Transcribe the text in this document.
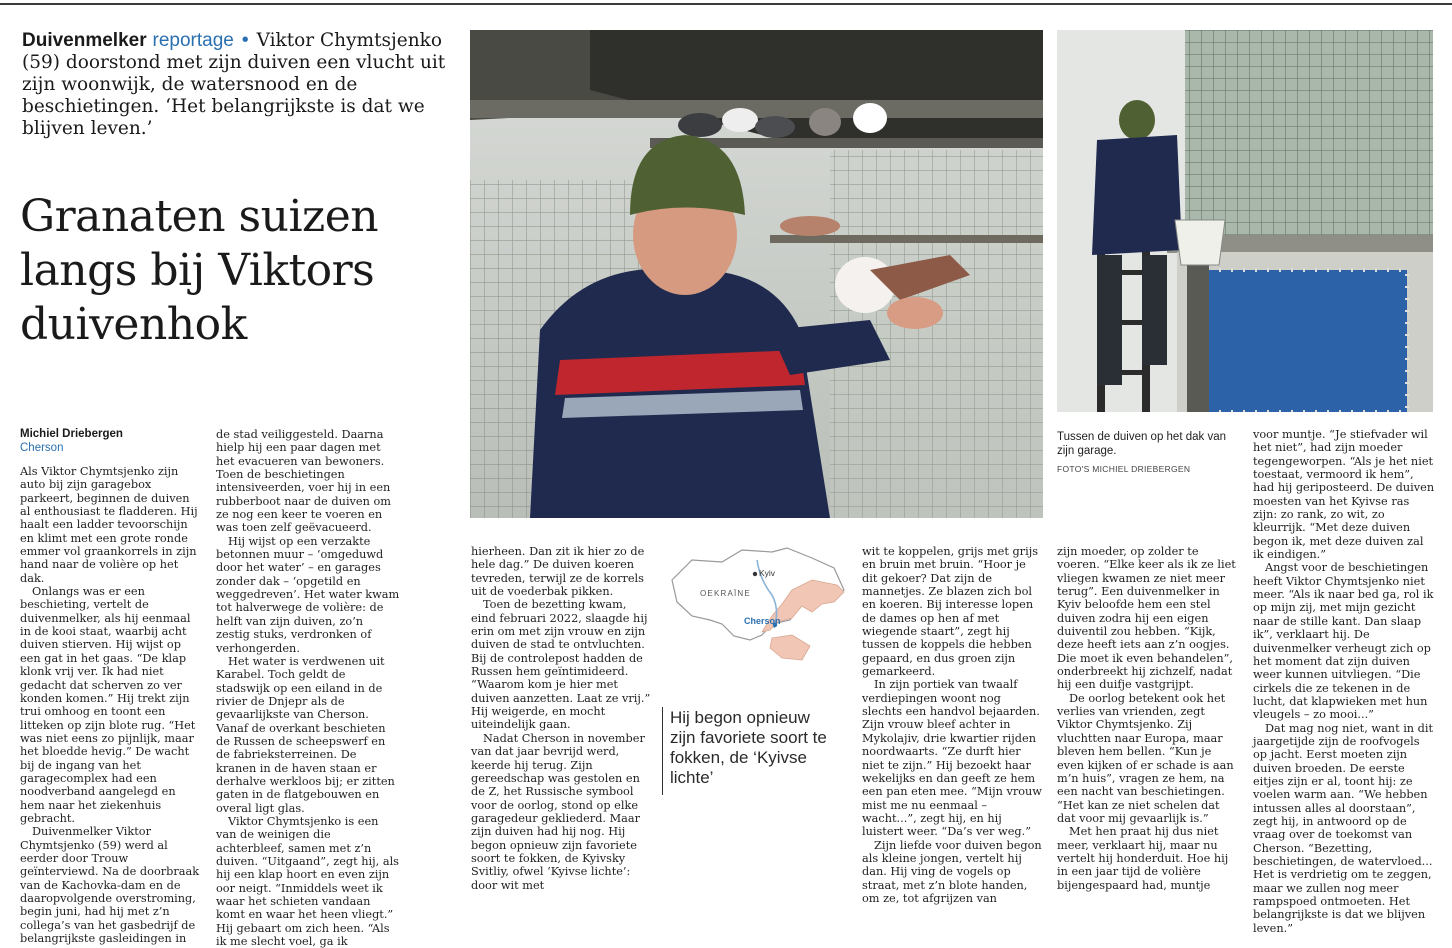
Duivenmelker reportage • Viktor Chymtsjenko (59) doorstond met zijn duiven een vlucht uit zijn woonwijk, de watersnood en de beschietingen. ‘Het belangrijkste is dat we blijven leven.’
Granaten suizen langs bij Viktors duivenhok
Michiel Driebergen
Cherson

Als Viktor Chymtsjenko zijn auto bij zijn garagebox parkeert, beginnen de duiven al enthousiast te fladderen. Hij haalt een ladder tevoorschijn en klimt met een grote ronde emmer vol graankorrels in zijn hand naar de volière op het dak.

Onlangs was er een beschieting, vertelt de duivenmelker, als hij eenmaal in de kooi staat, waarbij acht duiven stierven. Hij wijst op een gat in het gaas. “De klap klonk vrij ver. Ik had niet gedacht dat scherven zo ver konden komen.” Hij trekt zijn trui omhoog en toont een litteken op zijn blote rug. “Het was niet eens zo pijnlijk, maar het bloedde hevig.” De wacht bij de ingang van het garagecomplex had een noodverband aangelegd en hem naar het ziekenhuis gebracht.

Duivenmelker Viktor Chymtsjenko (59) werd al eerder door Trouw geïnterviewd. Na de doorbraak van de Kachovka-dam en de daaropvolgende overstroming, begin juni, had hij met z’n collega’s van het gasbedrijf de belangrijkste gasleidingen in

de stad veiliggesteld. Daarna hielp hij een paar dagen met het evacueren van bewoners. Toen de beschietingen intensiveerden, voer hij in een rubberboot naar de duiven om ze nog een keer te voeren en was toen zelf geëvacueerd.

Hij wijst op een verzakte betonnen muur – ‘omgeduwd door het water’ – en garages zonder dak – ‘opgetild en weggedreven’. Het water kwam tot halverwege de volière: de helft van zijn duiven, zo’n zestig stuks, verdronken of verhongerden.

Het water is verdwenen uit Karabel. Toch geldt de stadswijk op een eiland in de rivier de Dnjepr als de gevaarlijkste van Cherson. Vanaf de overkant beschieten de Russen de scheepswerf en de fabrieksterreinen. De kranen in de haven staan er derhalve werkloos bij; er zitten gaten in de flatgebouwen en overal ligt glas.

Viktor Chymtsjenko is een van de weinigen die achterbleef, samen met z’n duiven. “Uitgaand”, zegt hij, als hij een klap hoort en even zijn oor neigt. “Inmiddels weet ik waar het schieten vandaan komt en waar het heen vliegt.” Hij gebaart om zich heen. “Als ik me slecht voel, ga ik

hierheen. Dan zit ik hier zo de hele dag.” De duiven koeren tevreden, terwijl ze de korrels uit de voederbak pikken.

Toen de bezetting kwam, eind februari 2022, slaagde hij erin om met zijn vrouw en zijn duiven de stad te ontvluchten. Bij de controlepost hadden de Russen hem geïntimideerd. “Waarom kom je hier met duiven aanzetten. Laat ze vrij.” Hij weigerde, en mocht uiteindelijk gaan.

Nadat Cherson in november van dat jaar bevrijd werd, keerde hij terug. Zijn gereedschap was gestolen en de Z, het Russische symbool voor de oorlog, stond op elke garagedeur gekliederd. Maar zijn duiven had hij nog. Hij begon opnieuw zijn favoriete soort te fokken, de Kyivsky Svitliy, ofwel ‘Kyivse lichte’: door wit met

wit te koppelen, grijs met grijs en bruin met bruin. “Hoor je dit gekoer? Dat zijn de mannetjes. Ze blazen zich bol en koeren. Bij interesse lopen de dames op hen af met wiegende staart”, zegt hij tussen de koppels die hebben gepaard, en dus groen zijn gemarkeerd.

In zijn portiek van twaalf verdiepingen woont nog slechts een handvol bejaarden. Zijn vrouw bleef achter in Mykolajiv, drie kwartier rijden noordwaarts. “Ze durft hier niet te zijn.” Hij bezoekt haar wekelijks en dan geeft ze hem een pan eten mee. “Mijn vrouw mist me nu eenmaal – wacht...”, zegt hij, en hij luistert weer. “Da’s ver weg.”

Zijn liefde voor duiven begon als kleine jongen, vertelt hij dan. Hij ving de vogels op straat, met z’n blote handen, om ze, tot afgrijzen van

zijn moeder, op zolder te voeren. “Elke keer als ik ze liet vliegen kwamen ze niet meer terug”. Een duivenmelker in Kyiv beloofde hem een stel duiven zodra hij een eigen duiventil zou hebben. “Kijk, deze heeft iets aan z’n oogjes. Die moet ik even behandelen”, onderbreekt hij zichzelf, nadat hij een duifje vastgrijpt.

De oorlog betekent ook het verlies van vrienden, zegt Viktor Chymtsjenko. Zij vluchtten naar Europa, maar bleven hem bellen. “Kun je even kijken of er schade is aan m’n huis”, vragen ze hem, na een nacht van beschietingen. “Het kan ze niet schelen dat dat voor mij gevaarlijk is.”

Met hen praat hij dus niet meer, verklaart hij, maar nu vertelt hij honderduit. Hoe hij in een jaar tijd de volière bijengespaard had, muntje

voor muntje. “Je stiefvader wil het niet”, had zijn moeder tegengeworpen. “Als je het niet toestaat, vermoord ik hem”, had hij geriposteerd. De duiven moesten van het Kyivse ras zijn: zo rank, zo wit, zo kleurrijk. “Met deze duiven begon ik, met deze duiven zal ik eindigen.”

Angst voor de beschietingen heeft Viktor Chymtsjenko niet meer. “Als ik naar bed ga, rol ik op mijn zij, met mijn gezicht naar de stille kant. Dan slaap ik”, verklaart hij. De duivenmelker verheugt zich op het moment dat zijn duiven weer kunnen uitvliegen. “Die cirkels die ze tekenen in de lucht, dat klapwieken met hun vleugels – zo mooi...”

Dat mag nog niet, want in dit jaargetijde zijn de roofvogels op jacht. Eerst moeten zijn duiven broeden. De eerste eitjes zijn er al, toont hij: ze voelen warm aan. “We hebben intussen alles al doorstaan”, zegt hij, in antwoord op de vraag over de toekomst van Cherson. “Bezetting, beschietingen, de watervloed... Het is verdrietig om te zeggen, maar we zullen nog meer rampspoed ontmoeten. Het belangrijkste is dat we blijven leven.”

Tussen de duiven op het dak van zijn garage.
FOTO'S MICHIEL DRIEBERGEN
Kyiv
OEKRAÏNE
Cherson
Hij begon opnieuw zijn favoriete soort te fokken, de ‘Kyivse lichte’
